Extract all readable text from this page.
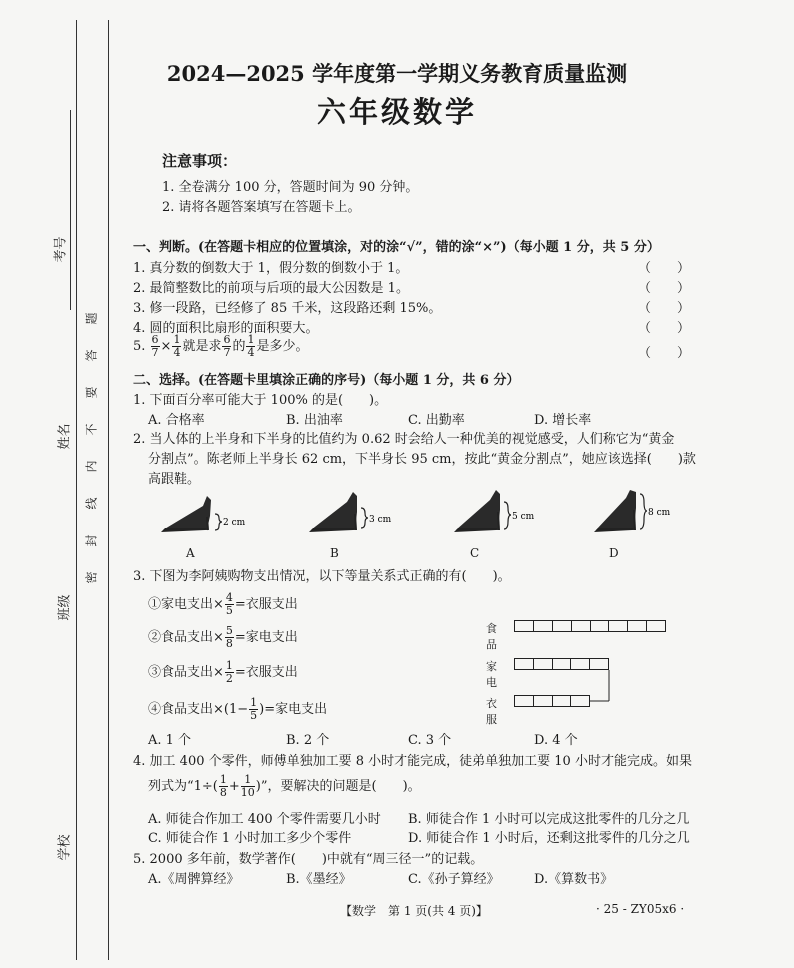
考号
姓名
班级
学校
题
答
要
不
内
线
封
密
2024—2025 学年度第一学期义务教育质量监测
六年级数学
注意事项：
1. 全卷满分 100 分，答题时间为 90 分钟。
2. 请将各题答案填写在答题卡上。
一、判断。(在答题卡相应的位置填涂，对的涂“√”，错的涂“×”)（每小题 1 分，共 5 分）
1. 真分数的倒数大于 1，假分数的倒数小于 1。
2. 最简整数比的前项与后项的最大公因数是 1。
3. 修一段路，已经修了 85 千米，这段路还剩 15%。
4. 圆的面积比扇形的面积要大。
5. $\frac{6}{7} \times \frac{1}{4}$ 就是求 $\frac{6}{7}$ 的 $\frac{1}{4}$ 是多少。
（　　）
（　　）
（　　）
（　　）
（　　）
二、选择。(在答题卡里填涂正确的序号)（每小题 1 分，共 6 分）
1. 下面百分率可能大于 100% 的是(　　)。
A. 合格率	B. 出油率	C. 出勤率	D. 增长率
2. 当人体的上半身和下半身的比值约为 0.62 时会给人一种优美的视觉感受，人们称它为“黄金
分割点”。陈老师上半身长 62 cm，下半身长 95 cm，按此“黄金分割点”，她应该选择(　　)款
高跟鞋。
2 cm	3 cm	5 cm	8 cm
A	B	C	D
3. 下图为李阿姨购物支出情况，以下等量关系式正确的有(　　)。
①家电支出× $\frac{4}{5}$ =衣服支出
②食品支出× $\frac{5}{8}$ =家电支出
③食品支出× $\frac{1}{2}$ =衣服支出
④食品支出$\times(1- \frac{1}{5}$ )=家电支出
食品
家电
衣服
A. 1 个	B. 2 个	C. 3 个	D. 4 个
4. 加工 400 个零件，师傅单独加工要 8 小时才能完成，徒弟单独加工要 10 小时才能完成。如果
列式为“$1\div( \frac{1}{8} + \frac{1}{10}$ )”，要解决的问题是(　　)。
A. 师徒合作加工 400 个零件需要几小时 B. 师徒合作 1 小时可以完成这批零件的几分之几
C. 师徒合作 1 小时加工多少个零件	D. 师徒合作 1 小时后，还剩这批零件的几分之几
5. 2000 多年前，数学著作(　　)中就有“周三径一”的记载。
A.《周髀算经》	B.《墨经》	C.《孙子算经》	D.《算数书》
【数学　第 1 页(共 4 页)】	· 25 - ZY05x6 ·
